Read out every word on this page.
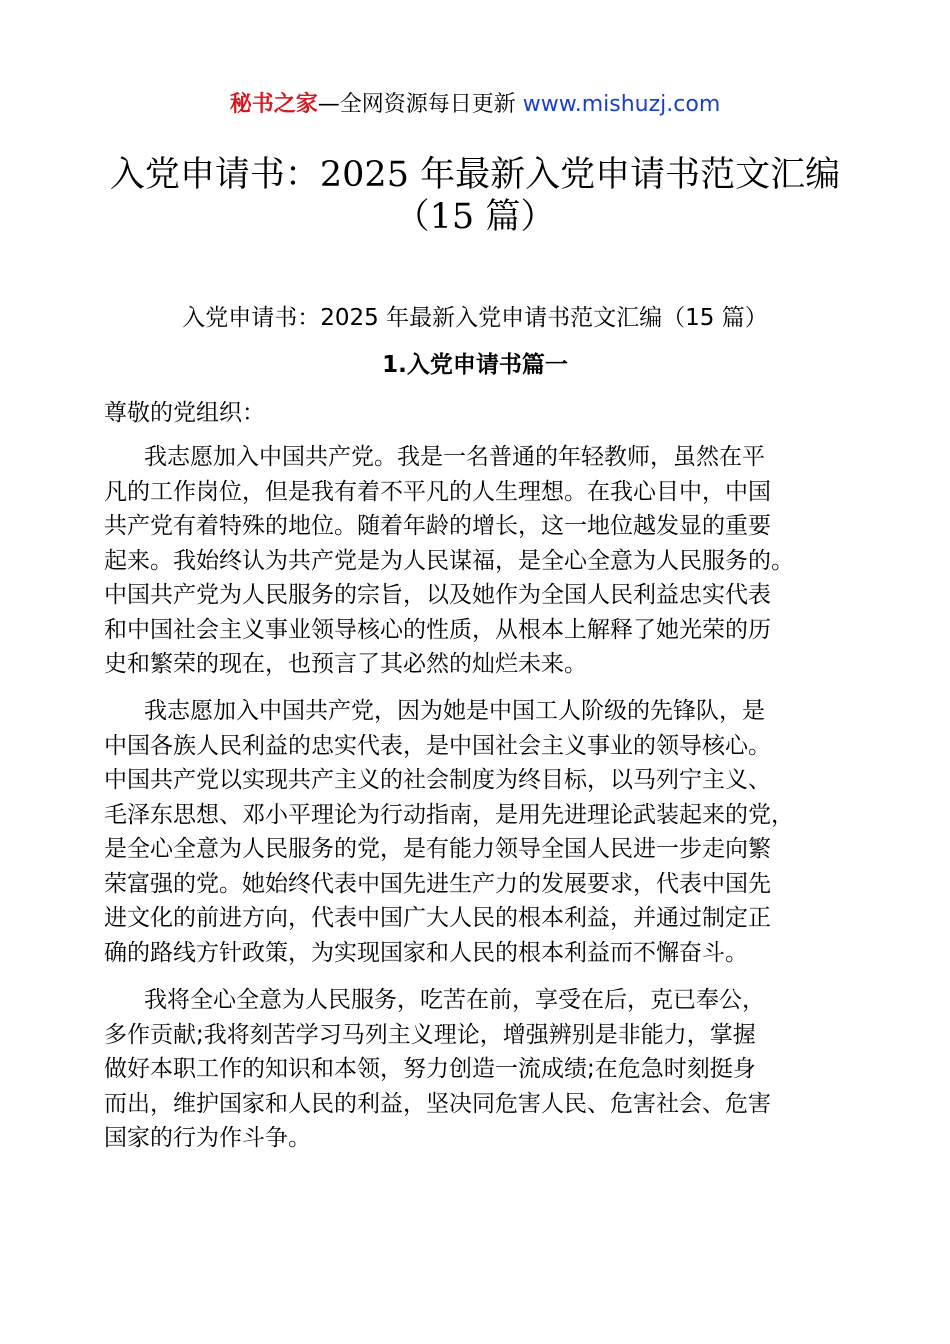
秘书之家—全网资源每日更新 www.mishuzj.com
入党申请书：2025 年最新入党申请书范文汇编
（15 篇）
入党申请书：2025 年最新入党申请书范文汇编（15 篇）
1.入党申请书篇一
尊敬的党组织：
我志愿加入中国共产党。我是一名普通的年轻教师，虽然在平
凡的工作岗位，但是我有着不平凡的人生理想。在我心目中，中国
共产党有着特殊的地位。随着年龄的增长，这一地位越发显的重要
起来。我始终认为共产党是为人民谋福，是全心全意为人民服务的。
中国共产党为人民服务的宗旨，以及她作为全国人民利益忠实代表
和中国社会主义事业领导核心的性质，从根本上解释了她光荣的历
史和繁荣的现在，也预言了其必然的灿烂未来。
我志愿加入中国共产党，因为她是中国工人阶级的先锋队，是
中国各族人民利益的忠实代表，是中国社会主义事业的领导核心。
中国共产党以实现共产主义的社会制度为终目标，以马列宁主义、
毛泽东思想、邓小平理论为行动指南，是用先进理论武装起来的党，
是全心全意为人民服务的党，是有能力领导全国人民进一步走向繁
荣富强的党。她始终代表中国先进生产力的发展要求，代表中国先
进文化的前进方向，代表中国广大人民的根本利益，并通过制定正
确的路线方针政策，为实现国家和人民的根本利益而不懈奋斗。
我将全心全意为人民服务，吃苦在前，享受在后，克已奉公，
多作贡献;我将刻苦学习马列主义理论，增强辨别是非能力，掌握
做好本职工作的知识和本领，努力创造一流成绩;在危急时刻挺身
而出，维护国家和人民的利益，坚决同危害人民、危害社会、危害
国家的行为作斗争。
